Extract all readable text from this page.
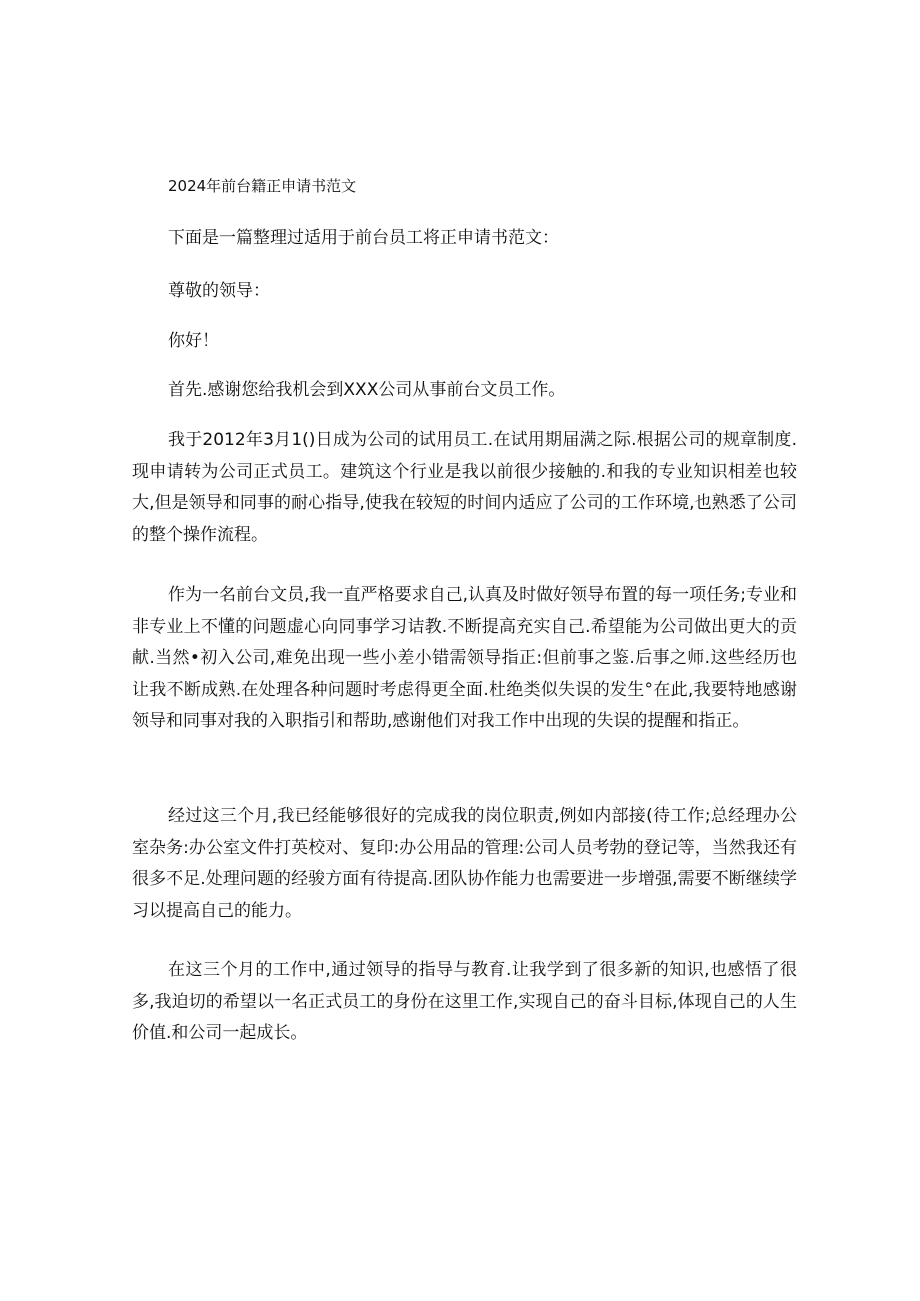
2024年前台籍正申请书范文
下面是一篇整理过适用于前台员工将正申请书范文：
尊敬的领导：
你好！
首先.感谢您给我机会到XXX公司从事前台文员工作。

我于2012年3月1()日成为公司的试用员工.在试用期届满之际.根据公司的规章制度.现申请转为公司正式员工。建筑这个行业是我以前很少接触的.和我的专业知识相差也较大,但是领导和同事的耐心指导,使我在较短的时间内适应了公司的工作环境,也熟悉了公司的整个操作流程。

作为一名前台文员,我一直严格要求自己,认真及时做好领导布置的每一项任务;专业和非专业上不懂的问题虚心向同事学习诘教.不断提高充实自己.希望能为公司做出更大的贡献.当然•初入公司,难免出现一些小差小错需领导指正:但前事之鉴.后事之师.这些经历也让我不断成熟.在处理各种问题时考虑得更全面.杜绝类似失误的发生°在此,我要特地感谢领导和同事对我的入职指引和帮助,感谢他们对我工作中出现的失误的提醒和指正。

经过这三个月,我已经能够很好的完成我的岗位职责,例如内部接(待工作;总经理办公室杂务:办公室文件打英校对、复印:办公用品的管理:公司人员考勃的登记等，当然我还有很多不足.处理问题的经骏方面有待提高.团队协作能力也需要进一步增强,需要不断继续学习以提高自己的能力。

在这三个月的工作中,通过领导的指导与教育.让我学到了很多新的知识,也感悟了很多,我迫切的希望以一名正式员工的身份在这里工作,实现自己的奋斗目标,体现自己的人生价值.和公司一起成长。
